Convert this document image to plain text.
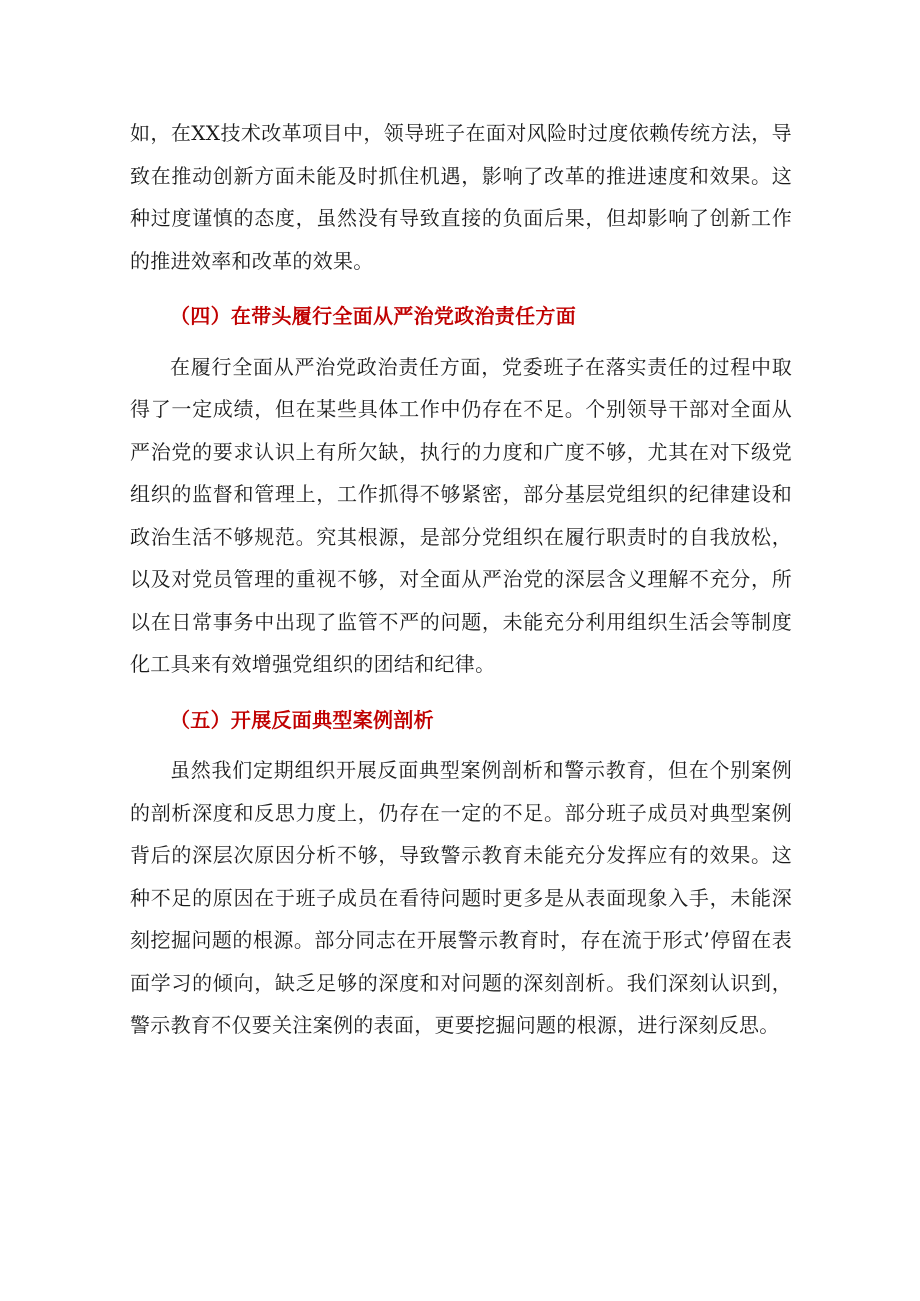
如，在XX技术改革项目中，领导班子在面对风险时过度依赖传统方法，导致在推动创新方面未能及时抓住机遇，影响了改革的推进速度和效果。这种过度谨慎的态度，虽然没有导致直接的负面后果，但却影响了创新工作的推进效率和改革的效果。

（四）在带头履行全面从严治党政治责任方面

在履行全面从严治党政治责任方面，党委班子在落实责任的过程中取得了一定成绩，但在某些具体工作中仍存在不足。个别领导干部对全面从严治党的要求认识上有所欠缺，执行的力度和广度不够，尤其在对下级党组织的监督和管理上，工作抓得不够紧密，部分基层党组织的纪律建设和政治生活不够规范。究其根源，是部分党组织在履行职责时的自我放松，以及对党员管理的重视不够，对全面从严治党的深层含义理解不充分，所以在日常事务中出现了监管不严的问题，未能充分利用组织生活会等制度化工具来有效增强党组织的团结和纪律。

（五）开展反面典型案例剖析

虽然我们定期组织开展反面典型案例剖析和警示教育，但在个别案例的剖析深度和反思力度上，仍存在一定的不足。部分班子成员对典型案例背后的深层次原因分析不够，导致警示教育未能充分发挥应有的效果。这种不足的原因在于班子成员在看待问题时更多是从表面现象入手，未能深刻挖掘问题的根源。部分同志在开展警示教育时，存在流于形式’停留在表面学习的倾向，缺乏足够的深度和对问题的深刻剖析。我们深刻认识到，警示教育不仅要关注案例的表面，更要挖掘问题的根源，进行深刻反思。
